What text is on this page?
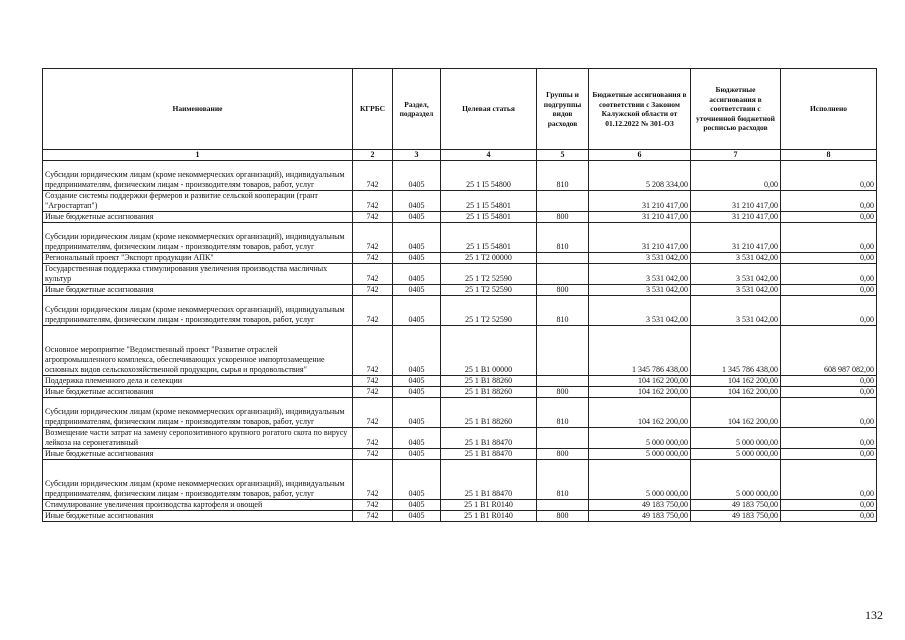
Наименование	КГРБС	Раздел, подраздел	Целевая статья	Группы и подгруппы видов расходов	Бюджетные ассигнования в соответствии с Законом Калужской области от 01.12.2022 № 301-ОЗ	Бюджетные ассигнования в соответствии с уточненной бюджетной росписью расходов	Исполнено
1	2	3	4	5	6	7	8
Субсидии юридическим лицам (кроме некоммерческих организаций), индивидуальным предпринимателям, физическим лицам - производителям товаров, работ, услуг	742	0405	25 1 I5 54800	810	5 208 334,00	0,00	0,00
Создание системы поддержки фермеров и развитие сельской кооперации (грант "Агростартап")	742	0405	25 1 I5 54801		31 210 417,00	31 210 417,00	0,00
Иные бюджетные ассигнования	742	0405	25 1 I5 54801	800	31 210 417,00	31 210 417,00	0,00
Субсидии юридическим лицам (кроме некоммерческих организаций), индивидуальным предпринимателям, физическим лицам - производителям товаров, работ, услуг	742	0405	25 1 I5 54801	810	31 210 417,00	31 210 417,00	0,00
Региональный проект "Экспорт продукции АПК"	742	0405	25 1 T2 00000		3 531 042,00	3 531 042,00	0,00
Государственная поддержка стимулирования увеличения производства масличных культур	742	0405	25 1 T2 52590		3 531 042,00	3 531 042,00	0,00
Иные бюджетные ассигнования	742	0405	25 1 T2 52590	800	3 531 042,00	3 531 042,00	0,00
Субсидии юридическим лицам (кроме некоммерческих организаций), индивидуальным предпринимателям, физическим лицам - производителям товаров, работ, услуг	742	0405	25 1 T2 52590	810	3 531 042,00	3 531 042,00	0,00
Основное мероприятие "Ведомственный проект "Развитие отраслей агропромышленного комплекса, обеспечивающих ускоренное импортозамещение основных видов сельскохозяйственной продукции, сырья и продовольствия"	742	0405	25 1 B1 00000		1 345 786 438,00	1 345 786 438,00	608 987 082,00
Поддержка племенного дела и селекции	742	0405	25 1 B1 88260		104 162 200,00	104 162 200,00	0,00
Иные бюджетные ассигнования	742	0405	25 1 B1 88260	800	104 162 200,00	104 162 200,00	0,00
Субсидии юридическим лицам (кроме некоммерческих организаций), индивидуальным предпринимателям, физическим лицам - производителям товаров, работ, услуг	742	0405	25 1 B1 88260	810	104 162 200,00	104 162 200,00	0,00
Возмещение части затрат на замену серопозитивного крупного рогатого скота по вирусу лейкоза на серонегативный	742	0405	25 1 B1 88470		5 000 000,00	5 000 000,00	0,00
Иные бюджетные ассигнования	742	0405	25 1 B1 88470	800	5 000 000,00	5 000 000,00	0,00
Субсидии юридическим лицам (кроме некоммерческих организаций), индивидуальным предпринимателям, физическим лицам - производителям товаров, работ, услуг	742	0405	25 1 B1 88470	810	5 000 000,00	5 000 000,00	0,00
Стимулирование увеличения производства картофеля и овощей	742	0405	25 1 B1 R0140		49 183 750,00	49 183 750,00	0,00
Иные бюджетные ассигнования	742	0405	25 1 B1 R0140	800	49 183 750,00	49 183 750,00	0,00
132
